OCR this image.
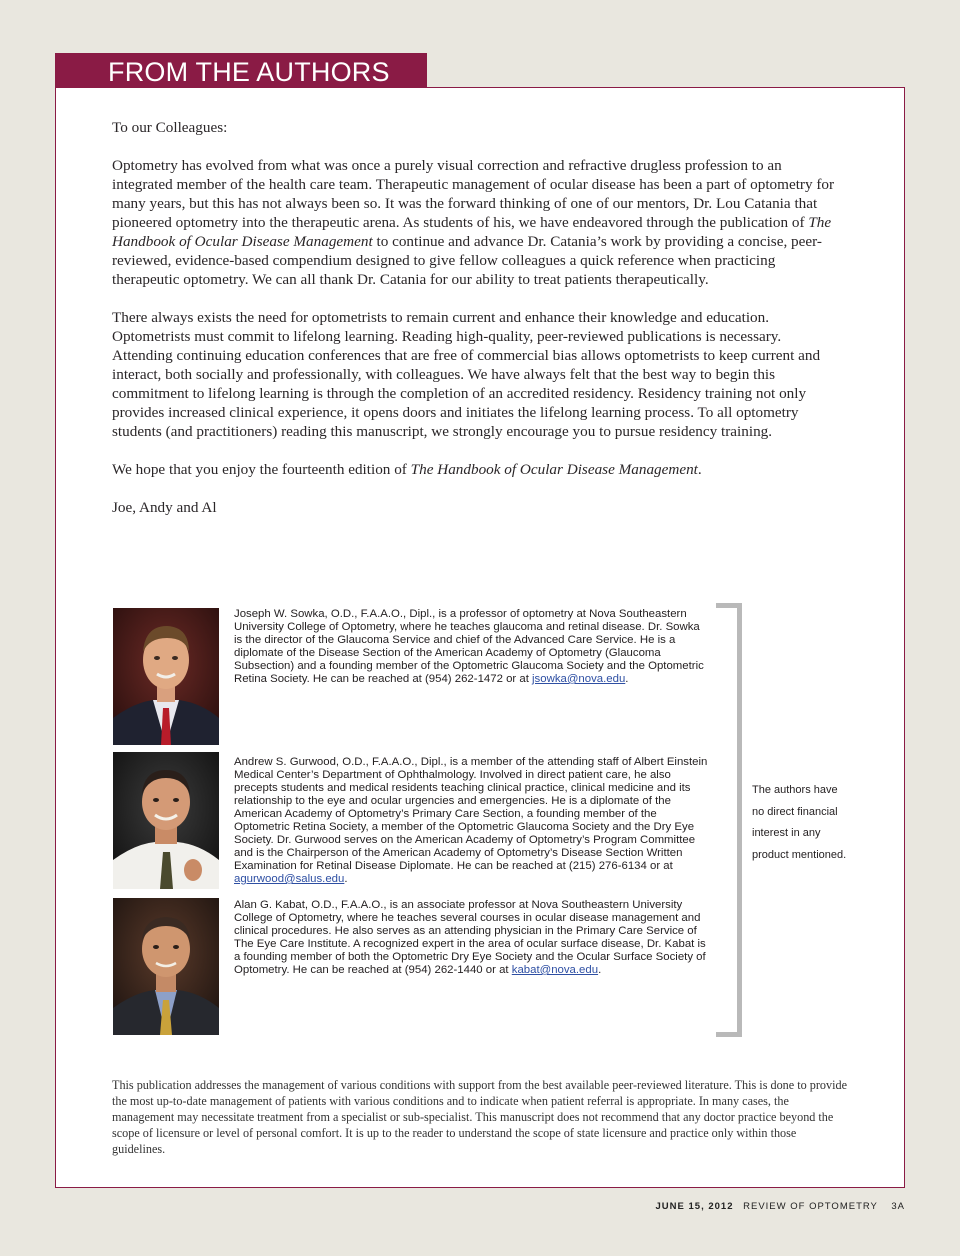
FROM THE AUTHORS

To our Colleagues:

Optometry has evolved from what was once a purely visual correction and refractive drugless profession to an integrated member of the health care team. Therapeutic management of ocular disease has been a part of optometry for many years, but this has not always been so. It was the forward thinking of one of our mentors, Dr. Lou Catania that pioneered optometry into the therapeutic arena. As students of his, we have endeavored through the publication of The Handbook of Ocular Disease Management to continue and advance Dr. Catania’s work by providing a concise, peer-reviewed, evidence-based compendium designed to give fellow colleagues a quick reference when practicing therapeutic optometry. We can all thank Dr. Catania for our ability to treat patients therapeutically.

There always exists the need for optometrists to remain current and enhance their knowledge and education. Optometrists must commit to lifelong learning. Reading high-quality, peer-reviewed publications is necessary. Attending continuing education conferences that are free of commercial bias allows optometrists to keep current and interact, both socially and professionally, with colleagues. We have always felt that the best way to begin this commitment to lifelong learning is through the completion of an accredited residency. Residency training not only provides increased clinical experience, it opens doors and initiates the lifelong learning process. To all optometry students (and practitioners) reading this manuscript, we strongly encourage you to pursue residency training.

We hope that you enjoy the fourteenth edition of The Handbook of Ocular Disease Management.

Joe, Andy and Al

Joseph W. Sowka, O.D., F.A.A.O., Dipl., is a professor of optometry at Nova Southeastern University College of Optometry, where he teaches glaucoma and retinal disease. Dr. Sowka is the director of the Glaucoma Service and chief of the Advanced Care Service. He is a diplomate of the Disease Section of the American Academy of Optometry (Glaucoma Subsection) and a founding member of the Optometric Glaucoma Society and the Optometric Retina Society. He can be reached at (954) 262-1472 or at jsowka@nova.edu.
Andrew S. Gurwood, O.D., F.A.A.O., Dipl., is a member of the attending staff of Albert Einstein Medical Center’s Department of Ophthalmology. Involved in direct patient care, he also precepts students and medical residents teaching clinical practice, clinical medicine and its relationship to the eye and ocular urgencies and emergencies. He is a diplomate of the American Academy of Optometry’s Primary Care Section, a founding member of the Optometric Retina Society, a member of the Optometric Glaucoma Society and the Dry Eye Society. Dr. Gurwood serves on the American Academy of Optometry’s Program Committee and is the Chairperson of the American Academy of Optometry’s Disease Section Written Examination for Retinal Disease Diplomate. He can be reached at (215) 276-6134 or at agurwood@salus.edu.
Alan G. Kabat, O.D., F.A.A.O., is an associate professor at Nova Southeastern University College of Optometry, where he teaches several courses in ocular disease management and clinical procedures. He also serves as an attending physician in the Primary Care Service of The Eye Care Institute. A recognized expert in the area of ocular surface disease, Dr. Kabat is a founding member of both the Optometric Dry Eye Society and the Ocular Surface Society of Optometry. He can be reached at (954) 262-1440 or at kabat@nova.edu.
The authors have
no direct financial
interest in any
product mentioned.
This publication addresses the management of various conditions with support from the best available peer-reviewed literature. This is done to provide the most up-to-date management of patients with various conditions and to indicate when patient referral is appropriate. In many cases, the management may necessitate treatment from a specialist or sub-specialist. This manuscript does not recommend that any doctor practice beyond the scope of licensure or level of personal comfort. It is up to the reader to understand the scope of state licensure and practice only within those guidelines.
JUNE 15, 2012 REVIEW OF OPTOMETRY 3A
